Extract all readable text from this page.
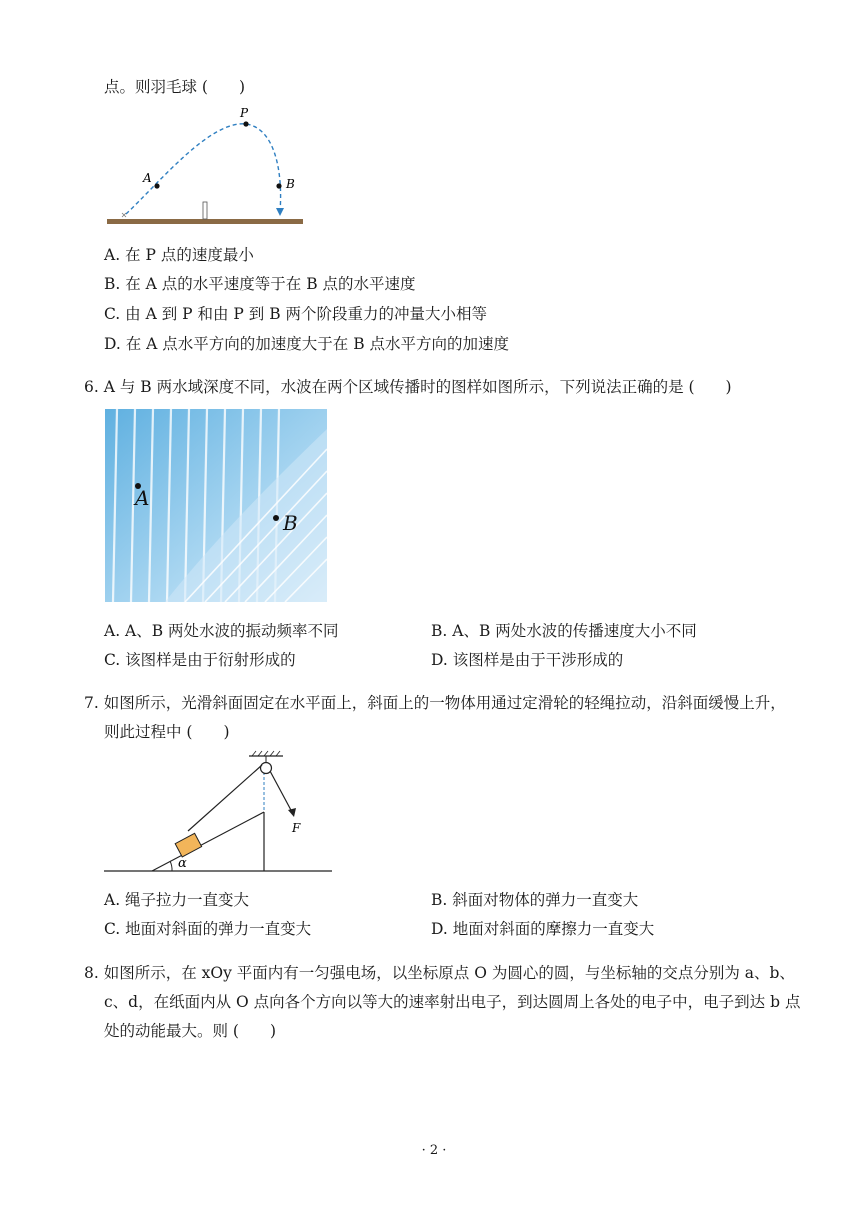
点。则羽毛球 (　　)
P
A	B
A. 在 P 点的速度最小
B. 在 A 点的水平速度等于在 B 点的水平速度
C. 由 A 到 P 和由 P 到 B 两个阶段重力的冲量大小相等
D. 在 A 点水平方向的加速度大于在 B 点水平方向的加速度
6. A 与 B 两水域深度不同，水波在两个区域传播时的图样如图所示，下列说法正确的是 (　　)
A
B
A. A、B 两处水波的振动频率不同	B. A、B 两处水波的传播速度大小不同
C. 该图样是由于衍射形成的	D. 该图样是由于干涉形成的
7. 如图所示，光滑斜面固定在水平面上，斜面上的一物体用通过定滑轮的轻绳拉动，沿斜面缓慢上升，
则此过程中 (　　)
α
F
A. 绳子拉力一直变大	B. 斜面对物体的弹力一直变大
C. 地面对斜面的弹力一直变大	D. 地面对斜面的摩擦力一直变大
8. 如图所示，在 xOy 平面内有一匀强电场，以坐标原点 O 为圆心的圆，与坐标轴的交点分别为 a、b、
c、d，在纸面内从 O 点向各个方向以等大的速率射出电子，到达圆周上各处的电子中，电子到达 b 点
处的动能最大。则 (　　)
· 2 ·
